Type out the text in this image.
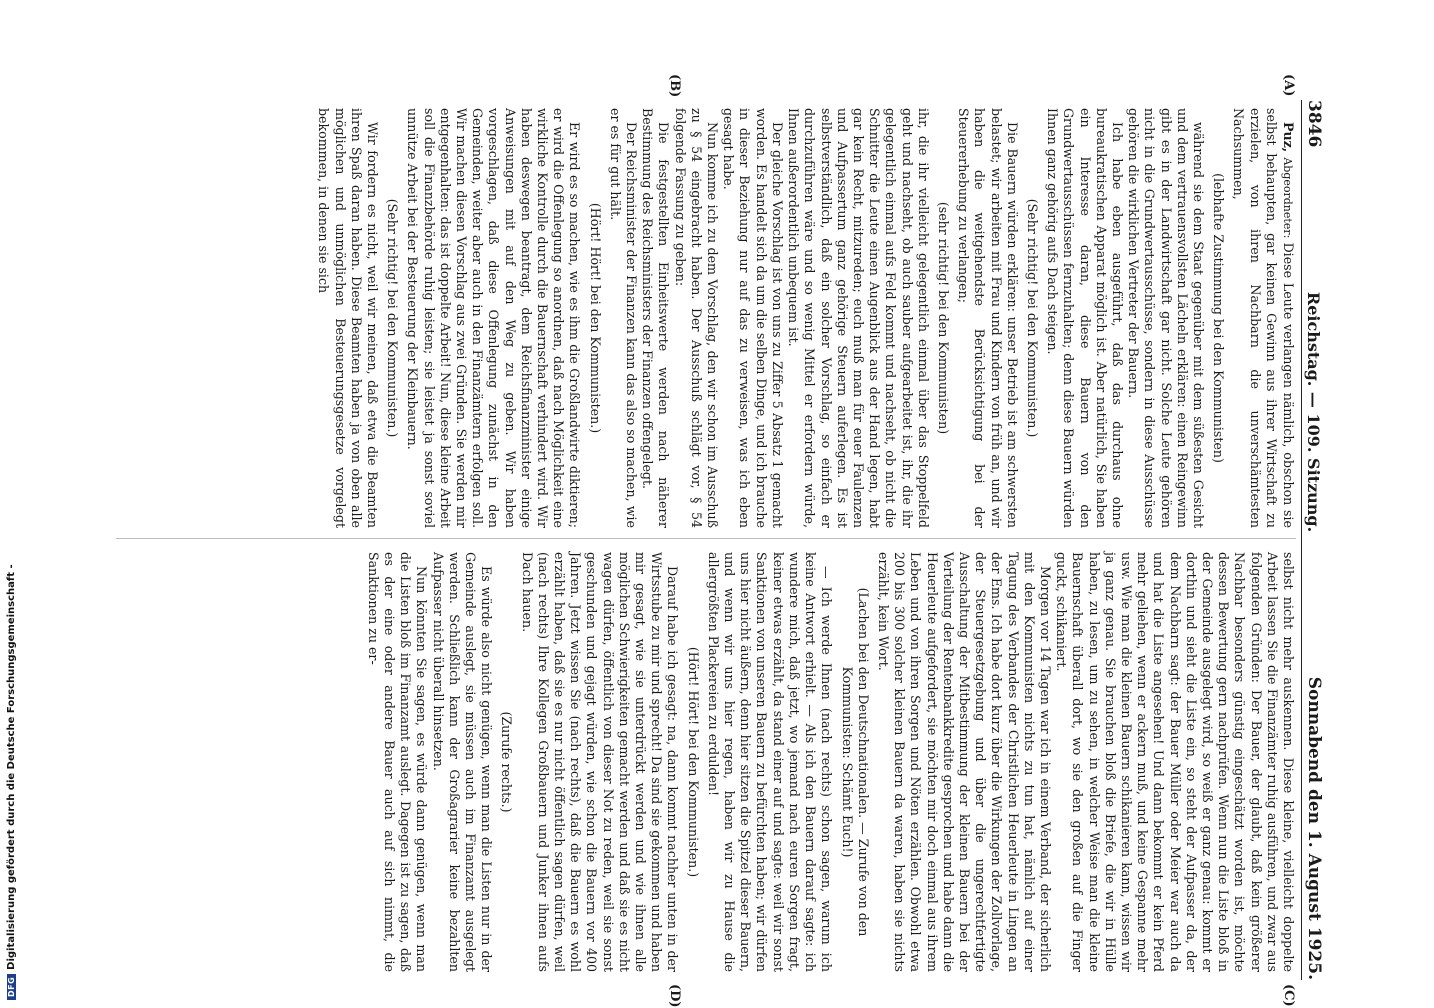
DFG
Digitalisierung gefördert durch die Deutsche Forschungsgemeinschaft -
3846
Reichstag. — 109. Sitzung.
Sonnabend den 1. August 1925.
(A)
(B)
(C)
(D)

Puz, Abgeordneter: Diese Leute verlangen nämlich, obschon sie selbst behaupten, gar keinen Gewinn aus ihrer Wirtschaft zu erzielen, von ihren Nachbarn die unverschämtesten Nachsummen,

(lebhafte Zustimmung bei den Kommunisten)

während sie dem Staat gegenüber mit dem süßesten Gesicht und dem vertrauensvollsten Lächeln erklären: einen Reingewinn gibt es in der Landwirtschaft gar nicht. Solche Leute gehören nicht in die Grundwertausschüsse, sondern in diese Ausschüsse gehören die wirklichen Vertreter der Bauern.

Ich habe eben ausgeführt, daß das durchaus ohne bureaukratischen Apparat möglich ist. Aber natürlich, Sie haben ein Interesse daran, diese Bauern von den Grundwertausschüssen fernzuhalten; denn diese Bauern würden Ihnen ganz gehörig aufs Dach steigen.

(Sehr richtig! bei den Kommunisten.)

Die Bauern würden erklären: unser Betrieb ist am schwersten belastet; wir arbeiten mit Frau und Kindern von früh an, und wir haben die weitgehendste Berücksichtigung bei der Steuererhebung zu verlangen;

(sehr richtig! bei den Kommunisten)

ihr, die ihr vielleicht gelegentlich einmal über das Stoppelfeld geht und nachseht, ob auch sauber aufgearbeitet ist, ihr, die ihr gelegentlich einmal aufs Feld kommt und nachseht, ob nicht die Schnitter die Leute einen Augenblick aus der Hand legen, habt gar kein Recht, mitzureden; euch muß man für euer Faulenzen und Aufpassertum ganz gehörige Steuern auferlegen. Es ist selbstverständlich, daß ein solcher Vorschlag, so einfach er durchzuführen wäre und so wenig Mittel er erfordern würde, Ihnen außerordentlich unbequem ist.

Der gleiche Vorschlag ist von uns zu Ziffer 5 Absatz 1 gemacht worden. Es handelt sich da um die selben Dinge, und ich brauche in dieser Beziehung nur auf das zu verweisen, was ich eben gesagt habe.

Nun komme ich zu dem Vorschlag, den wir schon im Ausschuß zu § 54 eingebracht haben. Der Ausschuß schlägt vor, § 54 folgende Fassung zu geben:

Die festgestellten Einheitswerte werden nach näherer Bestimmung des Reichsministers der Finanzen offengelegt.

Der Reichsminister der Finanzen kann das also so machen, wie er es für gut hält.

(Hört! Hört! bei den Kommunisten.)

Er wird es so machen, wie es ihm die Großlandwirte diktieren; er wird die Offenlegung so anordnen, daß nach Möglichkeit eine wirkliche Kontrolle durch die Bauernschaft verhindert wird. Wir haben deswegen beantragt, dem Reichsfinanzminister einige Anweisungen mit auf den Weg zu geben. Wir haben vorgeschlagen, daß diese Offenlegung zunächst in den Gemeinden, weiter aber auch in den Finanzämtern erfolgen soll. Wir machen diesen Vorschlag aus zwei Gründen. Sie werden mir entgegenhalten: das ist doppelte Arbeit! Nun, diese kleine Arbeit soll die Finanzbehörde ruhig leisten; sie leistet ja sonst soviel unnütze Arbeit bei der Besteuerung der Kleinbauern.

(Sehr richtig! bei den Kommunisten.)

Wir fordern es nicht, weil wir meinen, daß etwa die Beamten ihren Spaß daran haben. Diese Beamten haben ja von oben alle möglichen und unmöglichen Besteuerungsgesetze vorgelegt bekommen, in denen sie sich

selbst nicht mehr auskennen. Diese kleine, vielleicht doppelte Arbeit lassen Sie die Finanzämter ruhig ausführen, und zwar aus folgenden Gründen: Der Bauer, der glaubt, daß kein größerer Nachbar besonders günstig eingeschätzt worden ist, möchte dessen Bewertung gern nachprüfen. Wenn nun die Liste bloß in der Gemeinde ausgelegt wird, so weiß er ganz genau: kommt er dorthin und sieht die Liste ein, so steht der Aufpasser da, der dem Nachbarn sagt: der Bauer Müller oder Meier war auch da und hat die Liste angesehen! Und dann bekommt er kein Pferd mehr geliehen, wenn er ackern muß, und keine Gespanne mehr usw. Wie man die kleinen Bauern schikanieren kann, wissen wir ja ganz genau. Sie brauchen bloß die Briefe, die wir in Hülle haben, zu lesen, um zu sehen, in welcher Weise man die kleine Bauernschaft überall dort, wo sie den großen auf die Finger guckt, schikaniert.

Morgen vor 14 Tagen war ich in einem Verband, der sicherlich mit den Kommunisten nichts zu tun hat, nämlich auf einer Tagung des Verbandes der Christlichen Heuerleute in Lingen an der Ems. Ich habe dort kurz über die Wirkungen der Zollvorlage, der Steuergesetzgebung und über die ungerechtfertigte Ausschaltung der Mitbestimmung der kleinen Bauern bei der Verteilung der Rentenbankkredite gesprochen und habe dann die Heuerleute aufgefordert, sie möchten mir doch einmal aus ihrem Leben und von ihren Sorgen und Nöten erzählen. Obwohl etwa 200 bis 300 solcher kleinen Bauern da waren, haben sie nichts erzählt, kein Wort.

(Lachen bei den Deutschnationalen. — Zurufe von den Kommunisten: Schämt Euch!)

— Ich werde Ihnen (nach rechts) schon sagen, warum ich keine Antwort erhielt. — Als ich den Bauern darauf sagte: ich wundere mich, daß jetzt, wo jemand nach euren Sorgen fragt, keiner etwas erzählt, da stand einer auf und sagte: weil wir sonst Sanktionen von unseren Bauern zu befürchten haben; wir dürfen uns hier nicht äußern, denn hier sitzen die Spitzel dieser Bauern, und wenn wir uns hier regen, haben wir zu Hause die allergrößten Plackereien zu erdulden!

(Hört! Hört! bei den Kommunisten.)

Darauf habe ich gesagt: na, dann kommt nachher unten in der Wirtsstube zu mir und sprecht! Da sind sie gekommen und haben mir gesagt, wie sie unterdrückt werden und wie ihnen alle möglichen Schwierigkeiten gemacht werden und daß sie es nicht wagen dürfen, öffentlich von dieser Not zu reden, weil sie sonst geschunden und gejagt würden, wie schon die Bauern vor 400 Jahren. Jetzt wissen Sie (nach rechts), daß die Bauern es wohl erzählt haben, daß sie es nur nicht öffentlich sagen dürfen, weil (nach rechts) Ihre Kollegen Großbauern und Junker ihnen aufs Dach hauen.

(Zurufe rechts.)

Es würde also nicht genügen, wenn man die Listen nur in der Gemeinde auslegt, sie müssen auch im Finanzamt ausgelegt werden. Schließlich kann der Großagrarier keine bezahlten Aufpasser nicht überall hinsetzen.

Nun könnten Sie sagen, es würde dann genügen, wenn man die Listen bloß im Finanzamt auslegt. Dagegen ist zu sagen, daß es der eine oder andere Bauer auch auf sich nimmt, die Sanktionen zu er-
